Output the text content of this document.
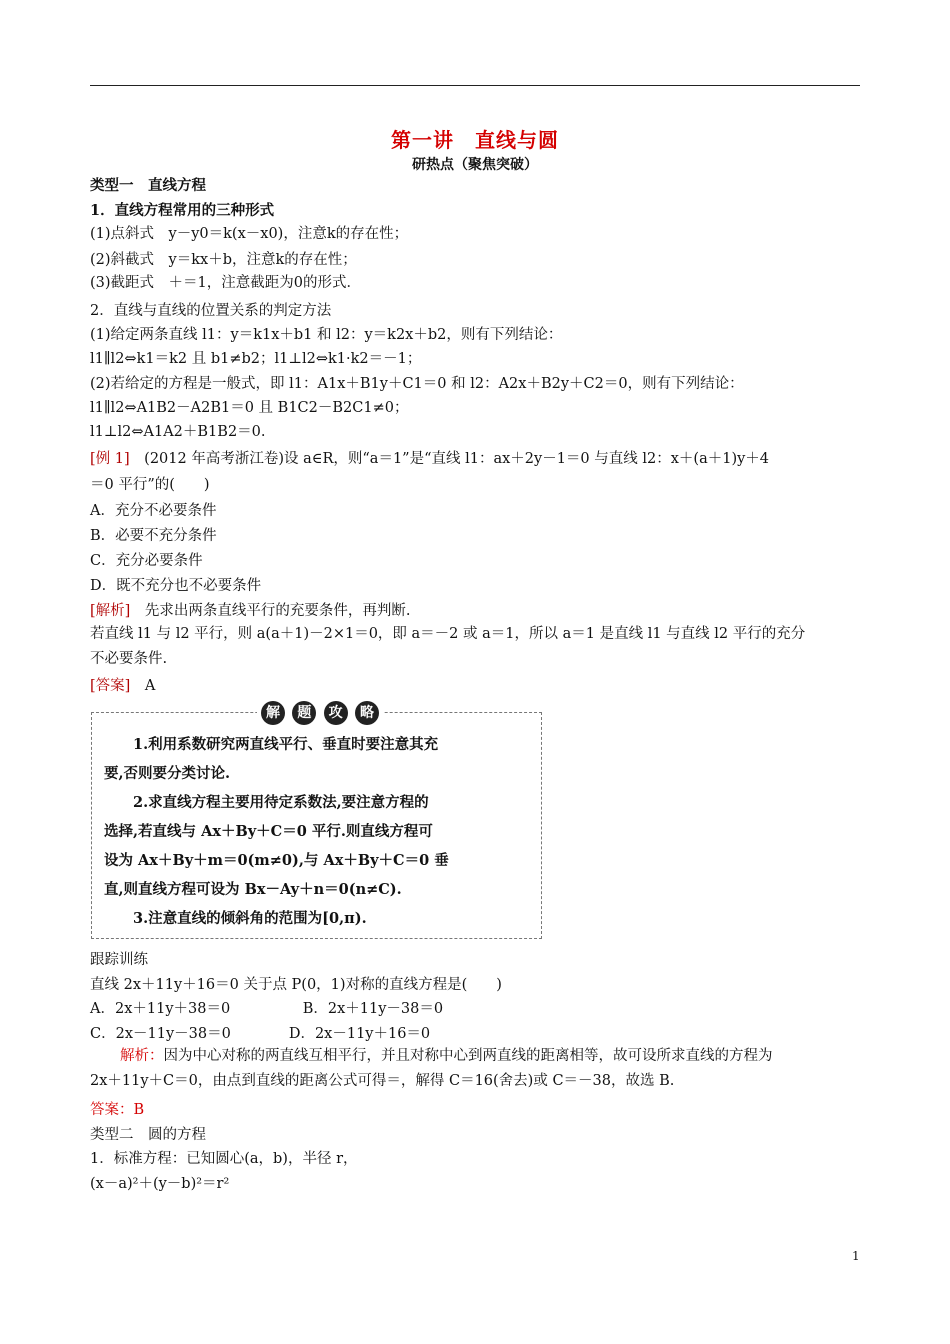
第一讲　直线与圆
研热点（聚焦突破）
类型一　直线方程
1．直线方程常用的三种形式
(1)点斜式　y－y0＝k(x－x0)，注意k的存在性；
(2)斜截式　y＝kx＋b，注意k的存在性；
(3)截距式　＋＝1，注意截距为0的形式．
2．直线与直线的位置关系的判定方法
(1)给定两条直线 l1：y＝k1x＋b1 和 l2：y＝k2x＋b2，则有下列结论：
l1∥l2⇔k1＝k2 且 b1≠b2；l1⊥l2⇔k1·k2＝－1；
(2)若给定的方程是一般式，即 l1：A1x＋B1y＋C1＝0 和 l2：A2x＋B2y＋C2＝0，则有下列结论：
l1∥l2⇔A1B2－A2B1＝0 且 B1C2－B2C1≠0；
l1⊥l2⇔A1A2＋B1B2＝0.
[例 1]　(2012 年高考浙江卷)设 a∈R，则“a＝1”是“直线 l1：ax＋2y－1＝0 与直线 l2：x＋(a＋1)y＋4
＝0 平行”的(　　)
A．充分不必要条件
B．必要不充分条件
C．充分必要条件
D．既不充分也不必要条件
[解析]　先求出两条直线平行的充要条件，再判断.
若直线 l1 与 l2 平行，则 a(a＋1)－2×1＝0，即 a＝－2 或 a＝1，所以 a＝1 是直线 l1 与直线 l2 平行的充分
不必要条件.
[答案]　A
解	题	攻	略
　　1.利用系数研究两直线平行、垂直时要注意其充
要,否则要分类讨论.
　　2.求直线方程主要用待定系数法,要注意方程的
选择,若直线与 Ax＋By＋C＝0 平行.则直线方程可
设为 Ax＋By＋m＝0(m≠0),与 Ax＋By＋C＝0 垂
直,则直线方程可设为 Bx－Ay＋n＝0(n≠C).
　　3.注意直线的倾斜角的范围为[0,π).
跟踪训练
直线 2x＋11y＋16＝0 关于点 P(0，1)对称的直线方程是(　　)
A．2x＋11y＋38＝0　　　　　B．2x＋11y－38＝0
C．2x－11y－38＝0　　　　D．2x－11y＋16＝0
解析：因为中心对称的两直线互相平行，并且对称中心到两直线的距离相等，故可设所求直线的方程为
2x＋11y＋C＝0，由点到直线的距离公式可得＝，解得 C＝16(舍去)或 C＝－38，故选 B.
答案：B
类型二　圆的方程
1．标准方程：已知圆心(a，b)，半径 r，
(x－a)²＋(y－b)²＝r²
1
